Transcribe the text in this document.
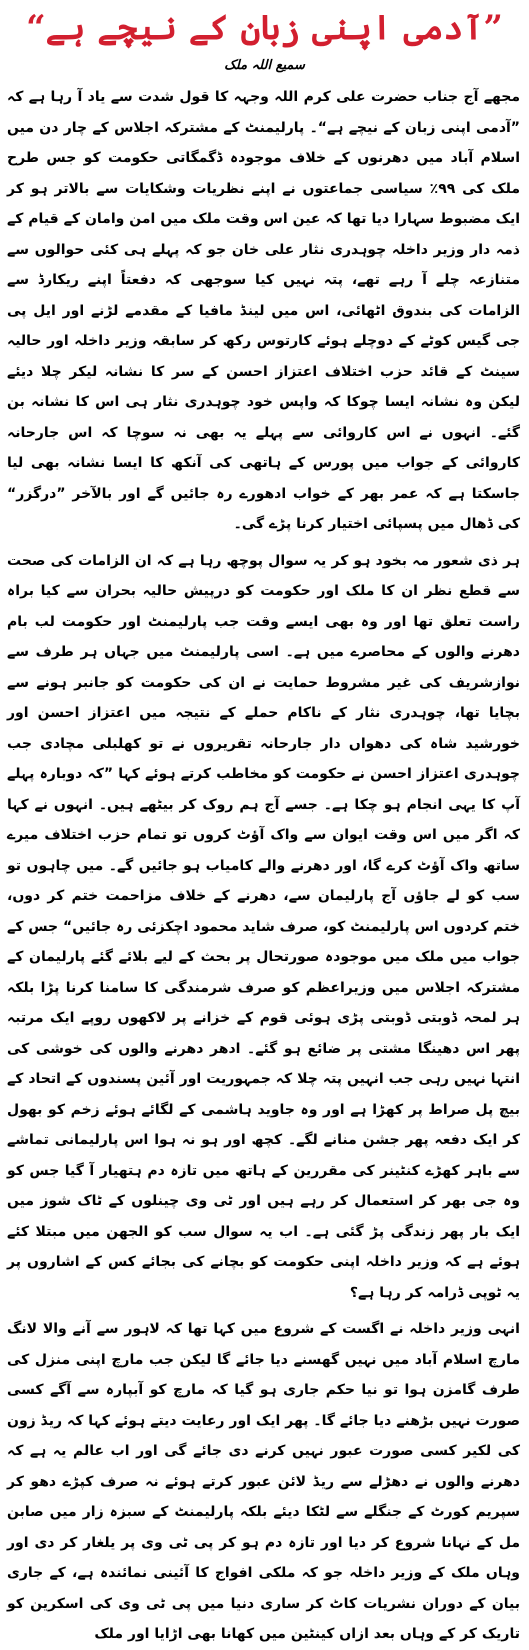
”آدمی اپنی زبان کے نیچے ہے“
سمیع اللہ ملک

مجھے آج جناب حضرت علی کرم اللہ وجہہ کا قول شدت سے یاد آ رہا ہے کہ ”آدمی اپنی زبان کے نیچے ہے“۔ پارلیمنٹ کے مشترکہ اجلاس کے چار دن میں اسلام آباد میں دھرنوں کے خلاف موجودہ ڈگمگاتی حکومت کو جس طرح ملک کی ۹۹٪ سیاسی جماعتوں نے اپنے نظریات وشکایات سے بالاتر ہو کر ایک مضبوط سہارا دیا تھا کہ عین اس وقت ملک میں امن وامان کے قیام کے ذمہ دار وزیر داخلہ چوہدری نثار علی خان جو کہ پہلے ہی کئی حوالوں سے متنازعہ چلے آ رہے تھے، پتہ نہیں کیا سوجھی کہ دفعتاً اپنے ریکارڈ سے الزامات کی بندوق اٹھائی، اس میں لینڈ مافیا کے مقدمے لڑنے اور ایل پی جی گیس کوٹے کے دوچلے ہوئے کارتوس رکھ کر سابقہ وزیر داخلہ اور حالیہ سینٹ کے قائد حزب اختلاف اعتزاز احسن کے سر کا نشانہ لیکر چلا دیئے لیکن وہ نشانہ ایسا چوکا کہ واپس خود چوہدری نثار ہی اس کا نشانہ بن گئے۔ انہوں نے اس کاروائی سے پہلے یہ بھی نہ سوچا کہ اس جارحانہ کاروائی کے جواب میں پورس کے ہاتھی کی آنکھ کا ایسا نشانہ بھی لیا جاسکتا ہے کہ عمر بھر کے خواب ادھورے رہ جائیں گے اور بالآخر ”درگزر“ کی ڈھال میں پسپائی اختیار کرنا پڑے گی۔

ہر ذی شعور مہ بخود ہو کر یہ سوال پوچھ رہا ہے کہ ان الزامات کی صحت سے قطع نظر ان کا ملک اور حکومت کو درپیش حالیہ بحران سے کیا براہ راست تعلق تھا اور وہ بھی ایسے وقت جب پارلیمنٹ اور حکومت لب بام دھرنے والوں کے محاصرے میں ہے۔ اسی پارلیمنٹ میں جہاں ہر طرف سے نوازشریف کی غیر مشروط حمایت نے ان کی حکومت کو جانبر ہونے سے بچایا تھا، چوہدری نثار کے ناکام حملے کے نتیجہ میں اعتزاز احسن اور خورشید شاہ کی دھواں دار جارحانہ تقریروں نے تو کھلبلی مچادی جب چوہدری اعتزاز احسن نے حکومت کو مخاطب کرتے ہوئے کہا ”کہ دوبارہ پہلے آپ کا یہی انجام ہو چکا ہے۔ جسے آج ہم روک کر بیٹھے ہیں۔ انہوں نے کہا کہ اگر میں اس وقت ایوان سے واک آؤٹ کروں تو تمام حزب اختلاف میرے ساتھ واک آؤٹ کرے گا، اور دھرنے والے کامیاب ہو جائیں گے۔ میں چاہوں تو سب کو لے جاؤں آج پارلیمان سے، دھرنے کے خلاف مزاحمت ختم کر دوں، ختم کردوں اس پارلیمنٹ کو، صرف شاید محمود اچکزئی رہ جائیں“ جس کے جواب میں ملک میں موجودہ صورتحال پر بحث کے لیے بلائے گئے پارلیمان کے مشترکہ اجلاس میں وزیراعظم کو صرف شرمندگی کا سامنا کرنا پڑا بلکہ ہر لمحہ ڈوبتی ڈوبتی پڑی ہوئی قوم کے خزانے پر لاکھوں روپے ایک مرتبہ پھر اس دھینگا مشتی پر ضائع ہو گئے۔ ادھر دھرنے والوں کی خوشی کی انتہا نہیں رہی جب انہیں پتہ چلا کہ جمہوریت اور آئین پسندوں کے اتحاد کے بیچ پل صراط پر کھڑا ہے اور وہ جاوید ہاشمی کے لگائے ہوئے زخم کو بھول کر ایک دفعہ پھر جشن منانے لگے۔ کچھ اور ہو نہ ہوا اس پارلیمانی تماشے سے باہر کھڑے کنٹینر کی مقررین کے ہاتھ میں تازہ دم ہتھیار آ گیا جس کو وہ جی بھر کر استعمال کر رہے ہیں اور ٹی وی چینلوں کے ٹاک شوز میں ایک بار پھر زندگی پڑ گئی ہے۔ اب یہ سوال سب کو الجھن میں مبتلا کئے ہوئے ہے کہ وزیر داخلہ اپنی حکومت کو بچانے کی بجائے کس کے اشاروں پر یہ ٹوپی ڈرامہ کر رہا ہے؟

انہی وزیر داخلہ نے اگست کے شروع میں کہا تھا کہ لاہور سے آنے والا لانگ مارچ اسلام آباد میں نہیں گھسنے دیا جائے گا لیکن جب مارچ اپنی منزل کی طرف گامزن ہوا تو نیا حکم جاری ہو گیا کہ مارچ کو آبپارہ سے آگے کسی صورت نہیں بڑھنے دیا جائے گا۔ پھر ایک اور رعایت دیتے ہوئے کہا کہ ریڈ زون کی لکیر کسی صورت عبور نہیں کرنے دی جائے گی اور اب عالم یہ ہے کہ دھرنے والوں نے دھڑلے سے ریڈ لائن عبور کرتے ہوئے نہ صرف کپڑے دھو کر سپریم کورٹ کے جنگلے سے لٹکا دیئے بلکہ پارلیمنٹ کے سبزہ زار میں صابن مل کے نہانا شروع کر دیا اور تازہ دم ہو کر پی ٹی وی پر یلغار کر دی اور وہاں ملک کے وزیر داخلہ جو کہ ملکی افواج کا آئینی نمائندہ ہے، کے جاری بیان کے دوران نشریات کاٹ کر ساری دنیا میں پی ٹی وی کی اسکرین کو تاریک کر کے وہاں بعد ازاں کینٹین میں کھانا بھی اڑایا اور ملک
